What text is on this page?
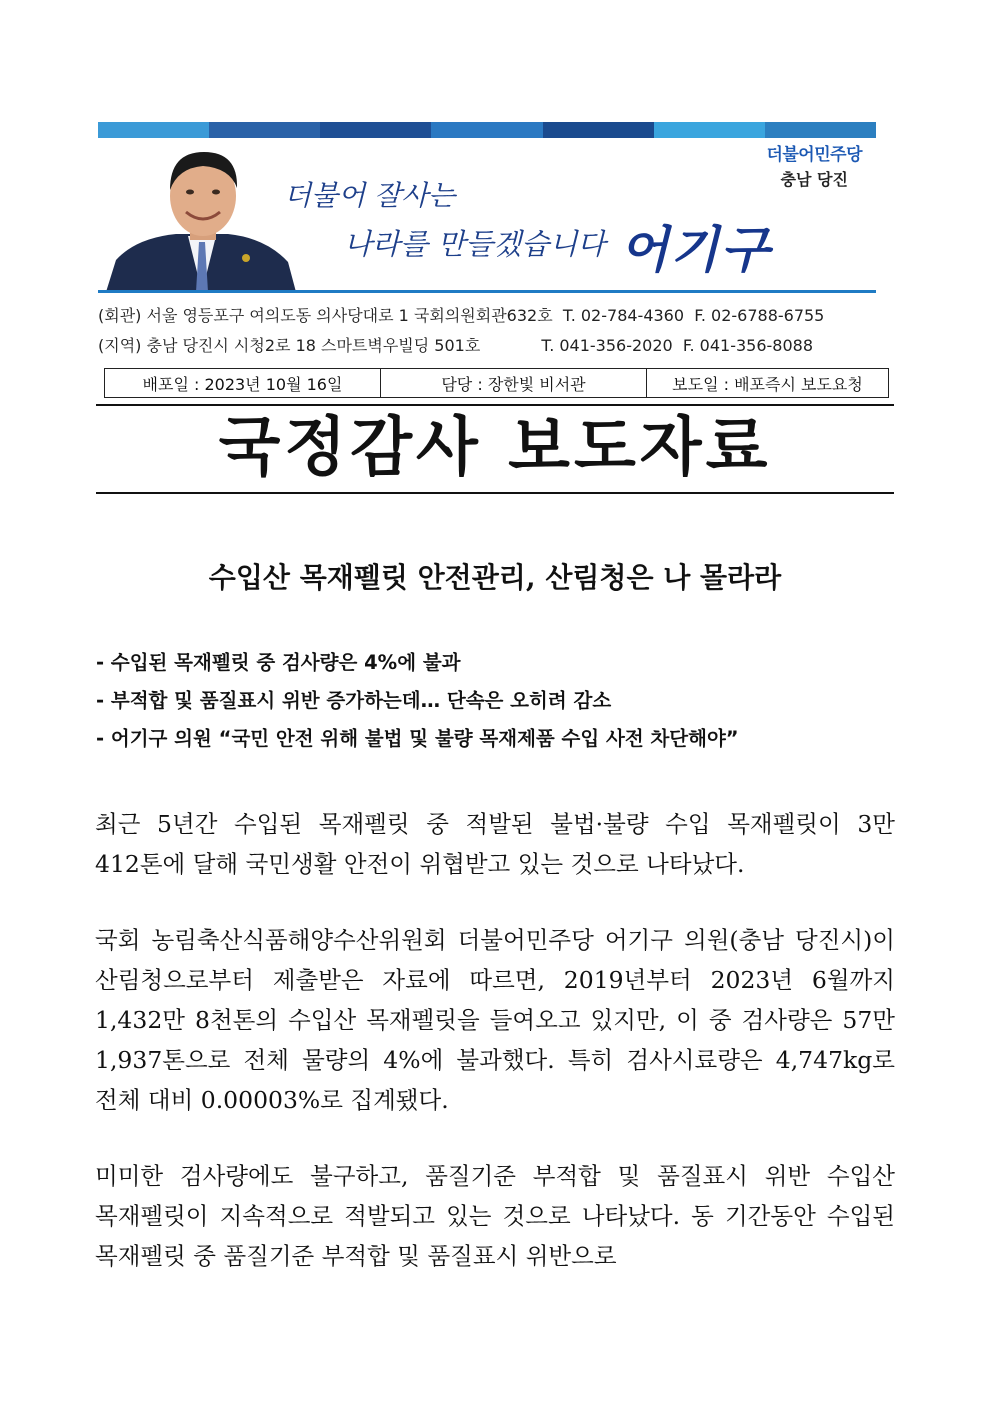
더불어 잘사는
나라를 만들겠습니다 어기구
더불어민주당
충남 당진
(회관) 서울 영등포구 여의도동 의사당대로 1 국회의원회관632호  T. 02-784-4360  F. 02-6788-6755
(지역) 충남 당진시 시청2로 18 스마트벽우빌딩 501호            T. 041-356-2020  F. 041-356-8088
배포일 : 2023년 10월 16일	담당 : 장한빛 비서관	보도일 : 배포즉시 보도요청
국정감사 보도자료
수입산 목재펠릿 안전관리, 산림청은 나 몰라라
- 수입된 목재펠릿 중 검사량은 4%에 불과
- 부적합 및 품질표시 위반 증가하는데… 단속은 오히려 감소
- 어기구 의원 “국민 안전 위해 불법 및 불량 목재제품 수입 사전 차단해야”

최근 5년간 수입된 목재펠릿 중 적발된 불법·불량 수입 목재펠릿이 3만 412톤에 달해 국민생활 안전이 위협받고 있는 것으로 나타났다.

국회 농림축산식품해양수산위원회 더불어민주당 어기구 의원(충남 당진시)이 산림청으로부터 제출받은 자료에 따르면, 2019년부터 2023년 6월까지 1,432만 8천톤의 수입산 목재펠릿을 들여오고 있지만, 이 중 검사량은 57만 1,937톤으로 전체 물량의 4%에 불과했다. 특히 검사시료량은 4,747kg로 전체 대비 0.00003%로 집계됐다.

미미한 검사량에도 불구하고, 품질기준 부적합 및 품질표시 위반 수입산 목재펠릿이 지속적으로 적발되고 있는 것으로 나타났다. 동 기간동안 수입된 목재펠릿 중 품질기준 부적합 및 품질표시 위반으로
